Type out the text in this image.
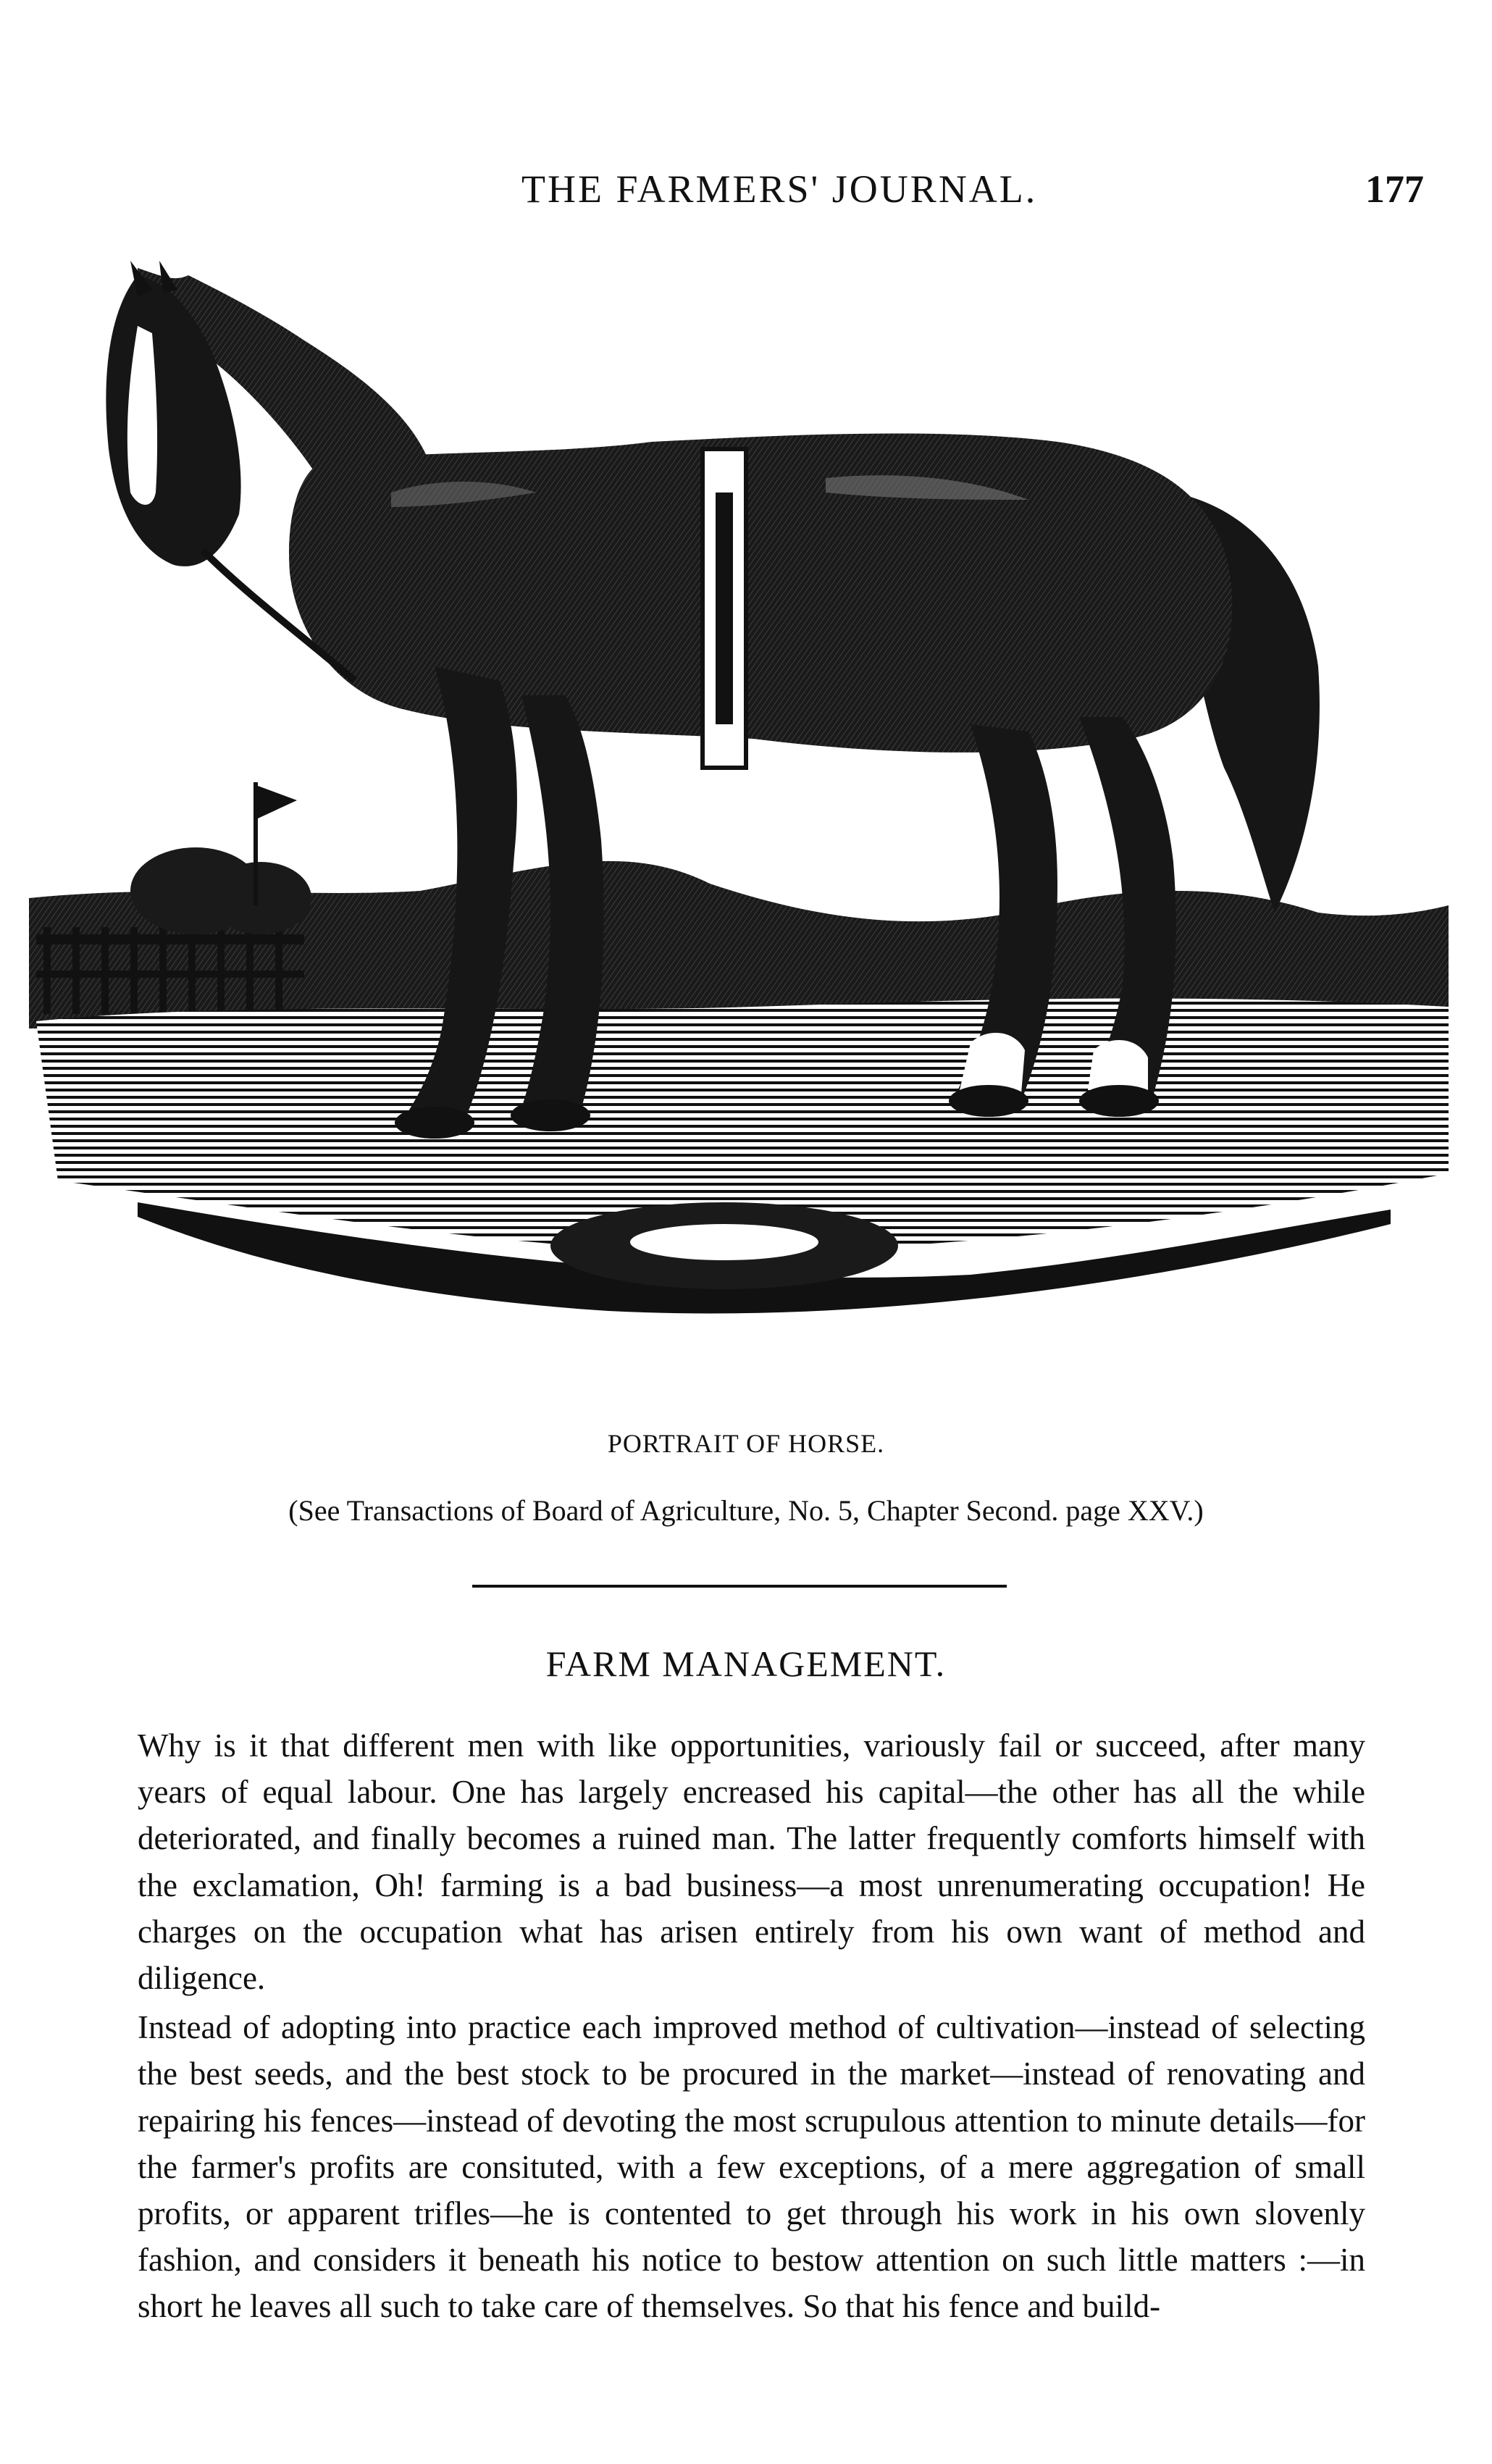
THE FARMERS' JOURNAL.	177
PORTRAIT OF HORSE.
(See Transactions of Board of Agriculture, No. 5, Chapter Second. page XXV.)
FARM MANAGEMENT.

Why is it that different men with like opportunities, variously fail or succeed, after many years of equal labour. One has largely encreased his capital—the other has all the while deteriorated, and finally becomes a ruined man. The latter frequently comforts himself with the exclamation, Oh! farming is a bad business—a most unrenumerating occupation! He charges on the occupation what has arisen entirely from his own want of method and diligence.

Instead of adopting into practice each improved method of cultivation—instead of selecting the best seeds, and the best stock to be procured in the market—instead of renovating and repairing his fences—instead of devoting the most scrupulous attention to minute details—for the farmer's profits are consituted, with a few exceptions, of a mere aggregation of small profits, or apparent trifles—he is contented to get through his work in his own slovenly fashion, and considers it beneath his notice to bestow attention on such little matters :—in short he leaves all such to take care of themselves. So that his fence and build-
